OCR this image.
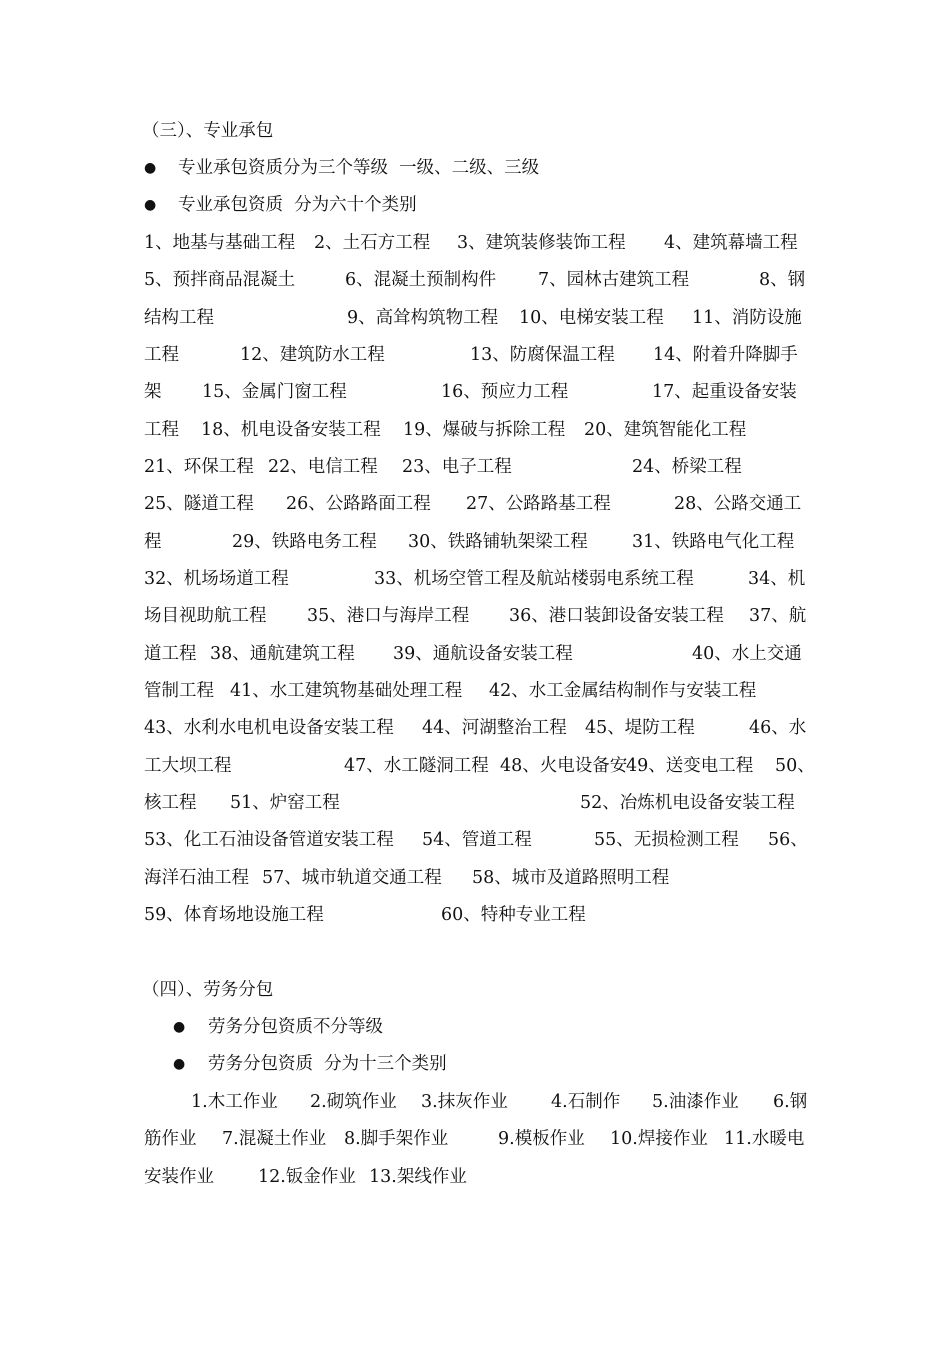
（三）、专业承包

●

专业承包资质分为三个等级  一级、二级、三级

●

专业承包资质  分为六十个类别

1、地基与基础工程

2、土石方工程

3、建筑装修装饰工程

4、建筑幕墙工程

5、预拌商品混凝土

	6、混凝土预制构件

7、园林古建筑工程

	8、钢

结构工程

	9、高耸构筑物工程

10、电梯安装工程

11、消防设施

工程

	12、建筑防水工程

	13、防腐保温工程

14、附着升降脚手

架

15、金属门窗工程

	16、预应力工程

	17、起重设备安装

工程

18、机电设备安装工程

19、爆破与拆除工程

20、建筑智能化工程

21、环保工程

22、电信工程

23、电子工程

	24、桥梁工程

25、隧道工程

26、公路路面工程

27、公路路基工程

	28、公路交通工

程

	29、铁路电务工程

30、铁路铺轨架梁工程

	31、铁路电气化工程

32、机场场道工程

	33、机场空管工程及航站楼弱电系统工程

	34、机

场目视助航工程

35、港口与海岸工程

36、港口装卸设备安装工程

37、航

道工程

38、通航建筑工程

39、通航设备安装工程

	40、水上交通

管制工程

41、水工建筑物基础处理工程

42、水工金属结构制作与安装工程

43、水利水电机电设备安装工程

44、河湖整治工程

45、堤防工程

	46、水

工大坝工程

	47、水工隧洞工程

48、火电设备安

49、送变电工程

50、

核工程

51、炉窑工程

	52、冶炼机电设备安装工程

53、化工石油设备管道安装工程

54、管道工程

	55、无损检测工程

56、

海洋石油工程

57、城市轨道交通工程

58、城市及道路照明工程

59、体育场地设施工程

	60、特种专业工程

（四）、劳务分包

●

劳务分包资质不分等级

●

劳务分包资质  分为十三个类别

1.木工作业

2.砌筑作业

3.抹灰作业

4.石制作

5.油漆作业

6.钢

筋作业

7.混凝土作业

8.脚手架作业

	9.模板作业

10.焊接作业

11.水暖电

安装作业

	12.钣金作业

13.架线作业
